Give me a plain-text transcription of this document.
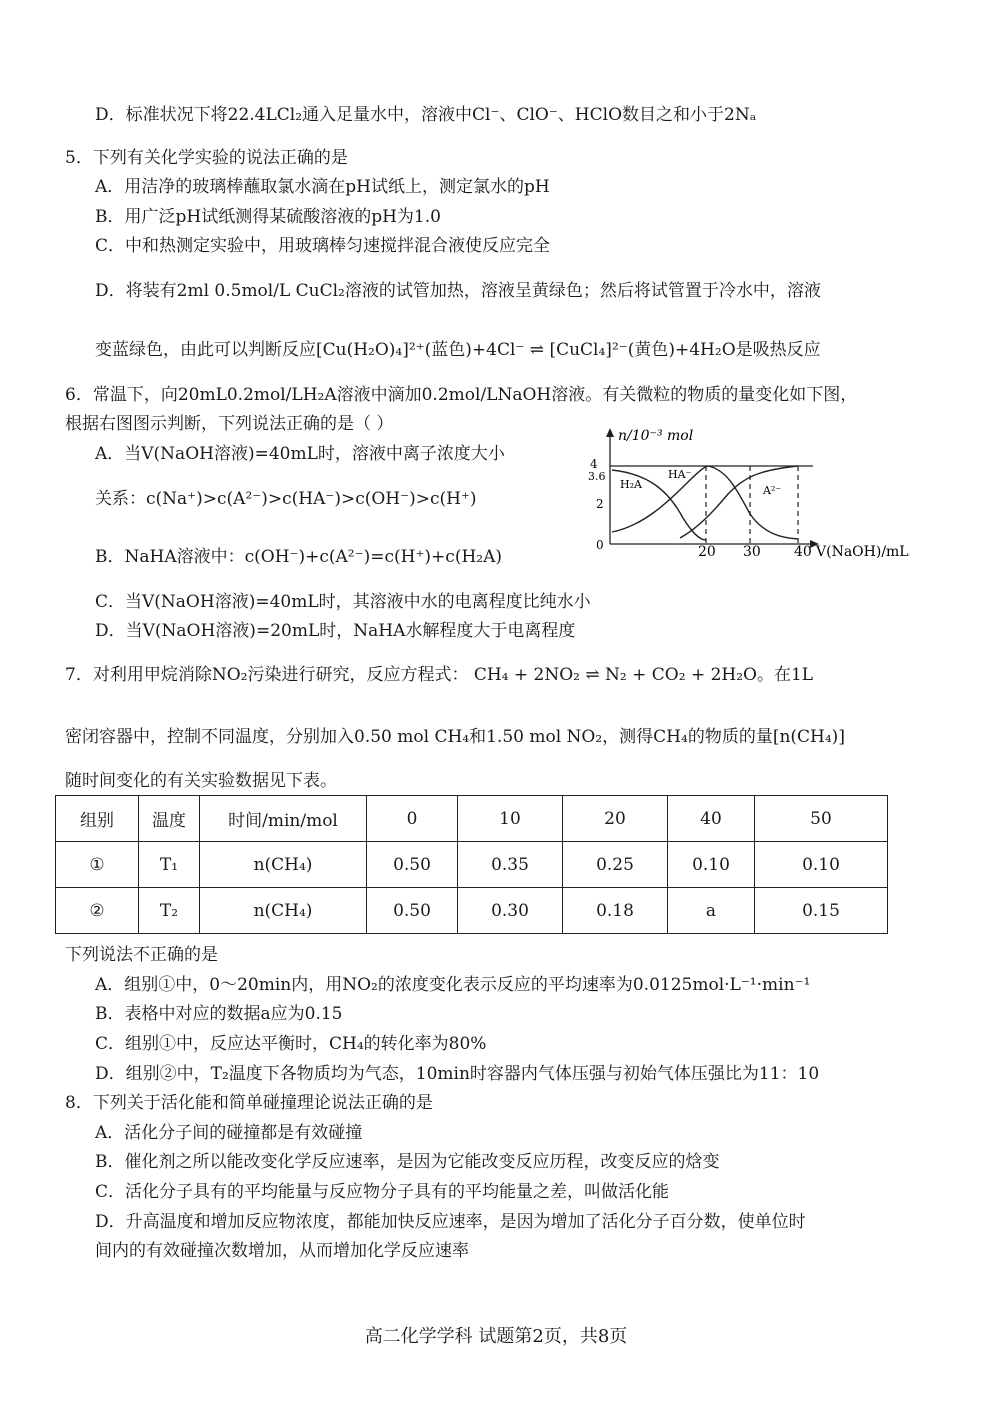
D．标准状况下将22.4LCl₂通入足量水中，溶液中Cl⁻、ClO⁻、HClO数目之和小于2Nₐ
5．下列有关化学实验的说法正确的是
A．用洁净的玻璃棒蘸取氯水滴在pH试纸上，测定氯水的pH
B．用广泛pH试纸测得某硫酸溶液的pH为1.0
C．中和热测定实验中，用玻璃棒匀速搅拌混合液使反应完全
D．将装有2ml 0.5mol/L CuCl₂溶液的试管加热，溶液呈黄绿色；然后将试管置于冷水中，溶液
变蓝绿色，由此可以判断反应[Cu(H₂O)₄]²⁺(蓝色)+4Cl⁻ ⇌ [CuCl₄]²⁻(黄色)+4H₂O是吸热反应
6．常温下，向20mL0.2mol/LH₂A溶液中滴加0.2mol/LNaOH溶液。有关微粒的物质的量变化如下图，
根据右图图示判断，下列说法正确的是（ ）
A．当V(NaOH溶液)=40mL时，溶液中离子浓度大小
关系：c(Na⁺)>c(A²⁻)>c(HA⁻)>c(OH⁻)>c(H⁺)
B．NaHA溶液中：c(OH⁻)+c(A²⁻)=c(H⁺)+c(H₂A)
C．当V(NaOH溶液)=40mL时，其溶液中水的电离程度比纯水小
D．当V(NaOH溶液)=20mL时，NaHA水解程度大于电离程度
n/10⁻³ mol
4
3.6
2
0	20 30 40 V(NaOH)/mL
H₂A
HA⁻
A²⁻
7．对利用甲烷消除NO₂污染进行研究，反应方程式： CH₄ + 2NO₂ ⇌ N₂ + CO₂ + 2H₂O。在1L
密闭容器中，控制不同温度，分别加入0.50 mol CH₄和1.50 mol NO₂，测得CH₄的物质的量[n(CH₄)]
随时间变化的有关实验数据见下表。
组别	温度	时间/min/mol	0	10	20	40	50
①	T₁	n(CH₄)	0.50	0.35	0.25	0.10	0.10
②	T₂	n(CH₄)	0.50	0.30	0.18	a	0.15
下列说法不正确的是
A．组别①中，0～20min内，用NO₂的浓度变化表示反应的平均速率为0.0125mol·L⁻¹·min⁻¹
B．表格中对应的数据a应为0.15
C．组别①中，反应达平衡时，CH₄的转化率为80%
D．组别②中，T₂温度下各物质均为气态，10min时容器内气体压强与初始气体压强比为11：10
8．下列关于活化能和简单碰撞理论说法正确的是
A．活化分子间的碰撞都是有效碰撞
B．催化剂之所以能改变化学反应速率，是因为它能改变反应历程，改变反应的焓变
C．活化分子具有的平均能量与反应物分子具有的平均能量之差，叫做活化能
D．升高温度和增加反应物浓度，都能加快反应速率，是因为增加了活化分子百分数，使单位时
间内的有效碰撞次数增加，从而增加化学反应速率
高二化学学科 试题第2页，共8页
